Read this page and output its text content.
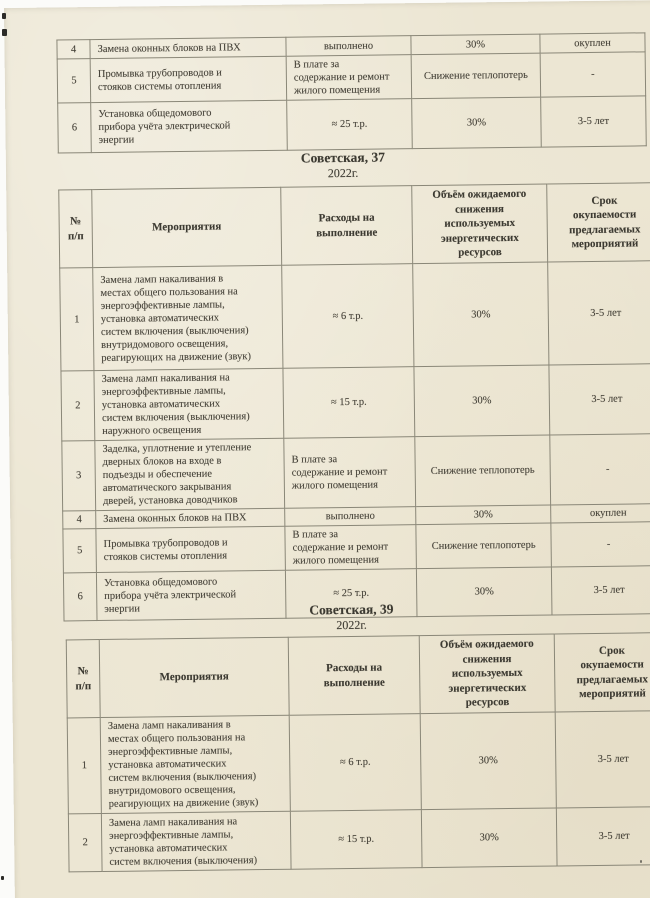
4	Замена оконных блоков на ПВХ	выполнено	30%	окуплен
5	Промывка трубопроводов и
стояков системы отопления	В плате за
содержание и ремонт
жилого помещения	Снижение теплопотерь	-
6	Установка общедомового
прибора учёта электрической
энергии	≈ 25 т.р.	30%	3-5 лет
Советская, 37
2022г.
№
п/п	Мероприятия	Расходы на
выполнение	Объём ожидаемого
снижения
используемых
энергетических
ресурсов	Срок
окупаемости
предлагаемых
мероприятий
1	Замена ламп накаливания в
местах общего пользования на
энергоэффективные лампы,
установка автоматических
систем включения (выключения)
внутридомового освещения,
реагирующих на движение (звук)	≈ 6 т.р.	30%	3-5 лет
2	Замена ламп накаливания на
энергоэффективные лампы,
установка автоматических
систем включения (выключения)
наружного освещения	≈ 15 т.р.	30%	3-5 лет
3	Заделка, уплотнение и утепление
дверных блоков на входе в
подъезды и обеспечение
автоматического закрывания
дверей, установка доводчиков	В плате за
содержание и ремонт
жилого помещения	Снижение теплопотерь	-
4	Замена оконных блоков на ПВХ	выполнено	30%	окуплен
5	Промывка трубопроводов и
стояков системы отопления	В плате за
содержание и ремонт
жилого помещения	Снижение теплопотерь	-
6	Установка общедомового
прибора учёта электрической
энергии	≈ 25 т.р.	30%	3-5 лет
Советская, 39
2022г.
№
п/п	Мероприятия	Расходы на
выполнение	Объём ожидаемого
снижения
используемых
энергетических
ресурсов	Срок
окупаемости
предлагаемых
мероприятий
1	Замена ламп накаливания в
местах общего пользования на
энергоэффективные лампы,
установка автоматических
систем включения (выключения)
внутридомового освещения,
реагирующих на движение (звук)	≈ 6 т.р.	30%	3-5 лет
2	Замена ламп накаливания на
энергоэффективные лампы,
установка автоматических
систем включения (выключения)	≈ 15 т.р.	30%	3-5 лет
